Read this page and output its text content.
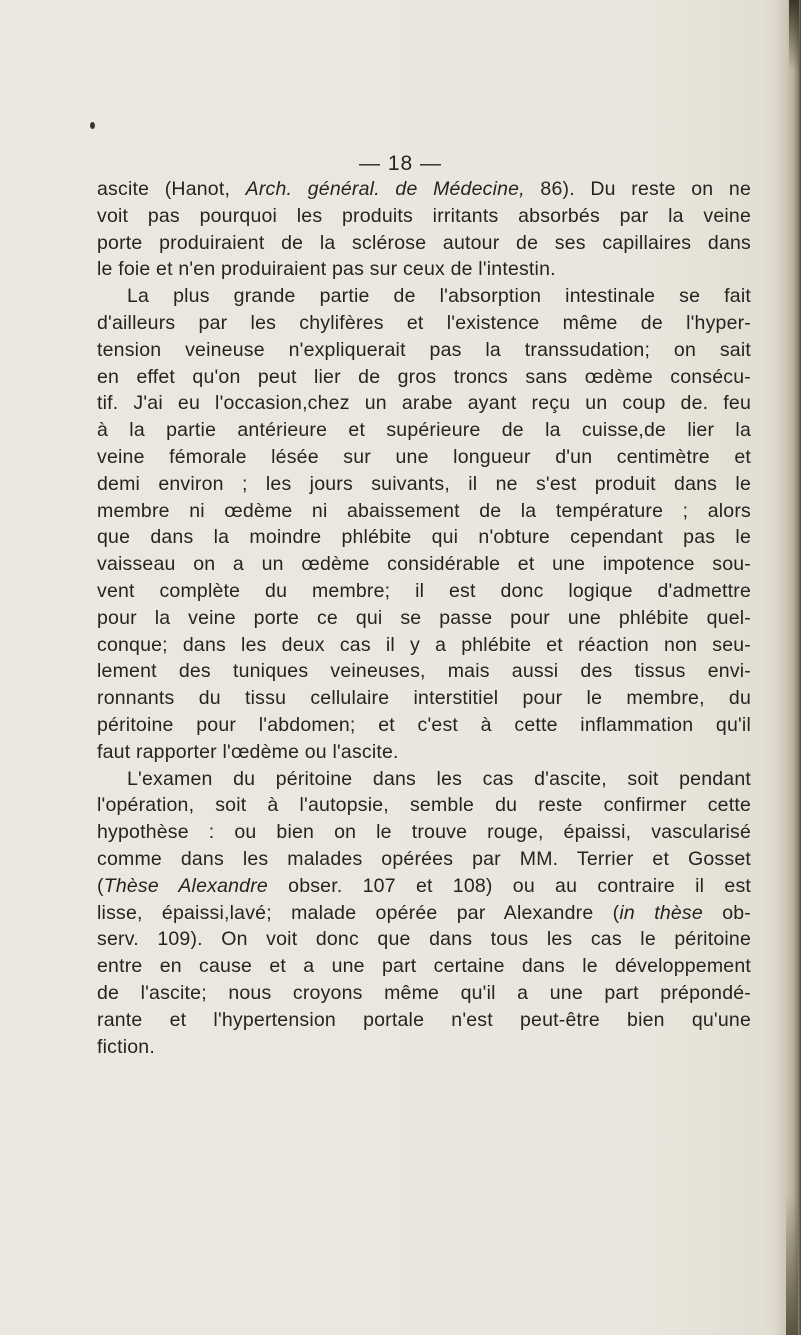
— 18 —
ascite (Hanot, Arch. général. de Médecine, 86). Du reste on ne
voit pas pourquoi les produits irritants absorbés par la veine
porte produiraient de la sclérose autour de ses capillaires dans
le foie et n'en produiraient pas sur ceux de l'intestin.
La plus grande partie de l'absorption intestinale se fait
d'ailleurs par les chylifères et l'existence même de l'hyper-
tension veineuse n'expliquerait pas la transsudation; on sait
en effet qu'on peut lier de gros troncs sans œdème consécu-
tif. J'ai eu l'occasion,chez un arabe ayant reçu un coup de. feu
à la partie antérieure et supérieure de la cuisse,de lier la
veine fémorale lésée sur une longueur d'un centimètre et
demi environ ; les jours suivants, il ne s'est produit dans le
membre ni œdème ni abaissement de la température ; alors
que dans la moindre phlébite qui n'obture cependant pas le
vaisseau on a un œdème considérable et une impotence sou-
vent complète du membre; il est donc logique d'admettre
pour la veine porte ce qui se passe pour une phlébite quel-
conque; dans les deux cas il y a phlébite et réaction non seu-
lement des tuniques veineuses, mais aussi des tissus envi-
ronnants du tissu cellulaire interstitiel pour le membre, du
péritoine pour l'abdomen; et c'est à cette inflammation qu'il
faut rapporter l'œdème ou l'ascite.
L'examen du péritoine dans les cas d'ascite, soit pendant
l'opération, soit à l'autopsie, semble du reste confirmer cette
hypothèse : ou bien on le trouve rouge, épaissi, vascularisé
comme dans les malades opérées par MM. Terrier et Gosset
(Thèse Alexandre obser. 107 et 108) ou au contraire il est
lisse, épaissi,lavé; malade opérée par Alexandre (in thèse ob-
serv. 109). On voit donc que dans tous les cas le péritoine
entre en cause et a une part certaine dans le développement
de l'ascite; nous croyons même qu'il a une part prépondé-
rante et l'hypertension portale n'est peut-être bien qu'une
fiction.
